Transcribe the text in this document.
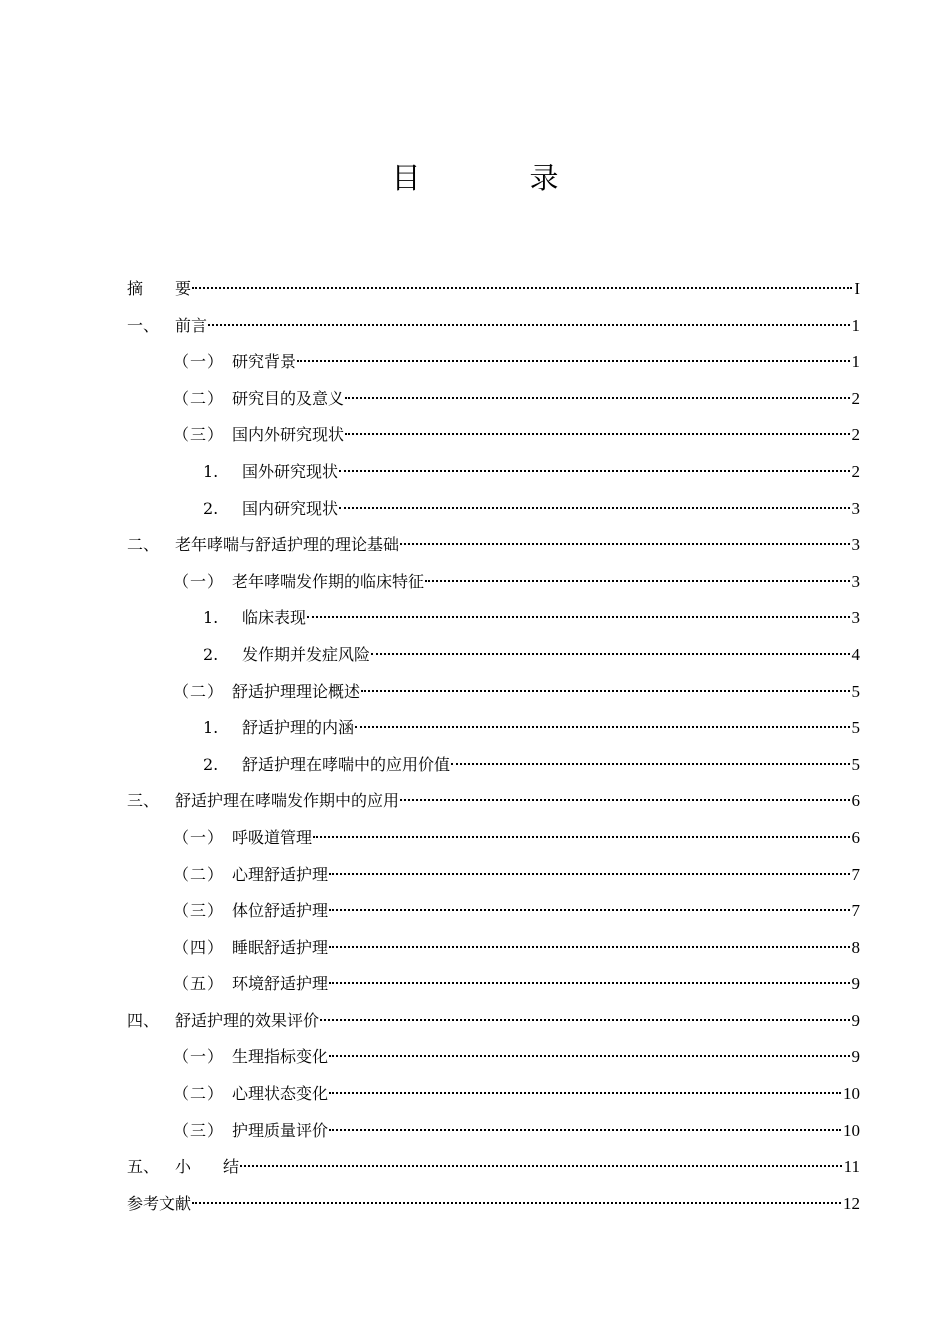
目　录
摘	要	I
一、 前言	1
（一） 研究背景	1
（二） 研究目的及意义	2
（三） 国内外研究现状	2
1.	国外研究现状	2
2.	国内研究现状	3
二、 老年哮喘与舒适护理的理论基础	3
（一） 老年哮喘发作期的临床特征	3
1.	临床表现	3
2.	发作期并发症风险	4
（二） 舒适护理理论概述	5
1.	舒适护理的内涵	5
2.	舒适护理在哮喘中的应用价值	5
三、 舒适护理在哮喘发作期中的应用	6
（一） 呼吸道管理	6
（二） 心理舒适护理	7
（三） 体位舒适护理	7
（四） 睡眠舒适护理	8
（五） 环境舒适护理	9
四、 舒适护理的效果评价	9
（一） 生理指标变化	9
（二） 心理状态变化	10
（三） 护理质量评价	10
五、 小　　结	11
参考文献	12
